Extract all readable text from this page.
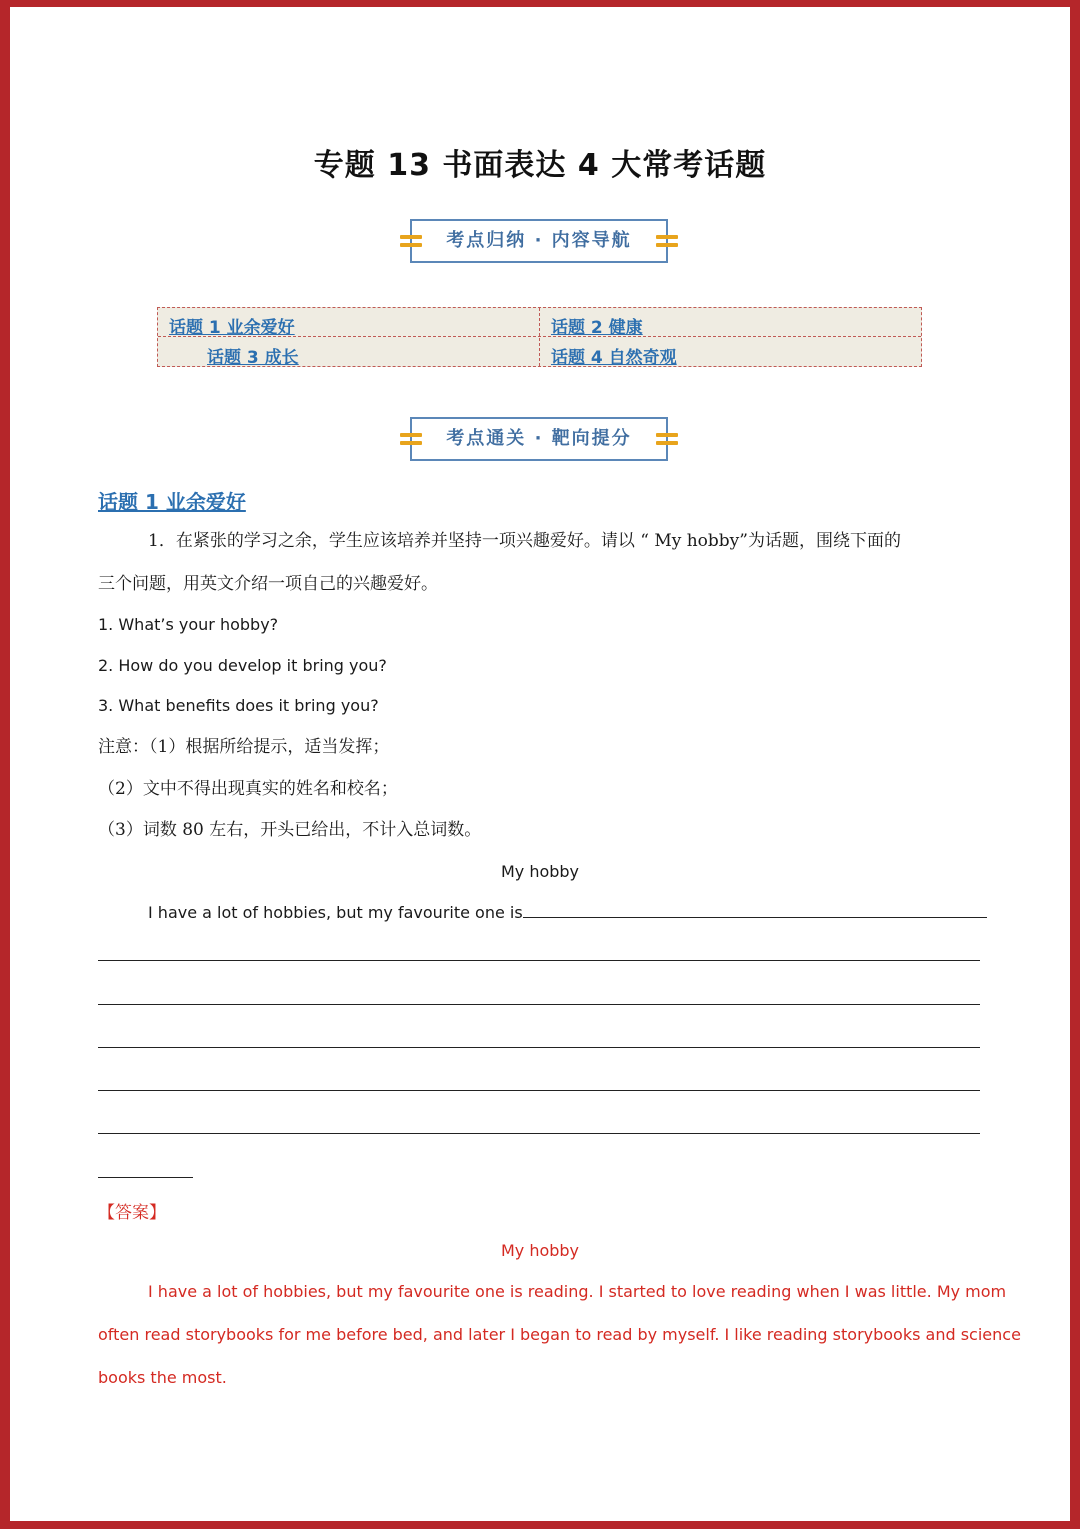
专题 13 书面表达 4 大常考话题
考点归纳 · 内容导航
话题 1 业余爱好	话题 2 健康
话题 3 成长	话题 4 自然奇观
考点通关 · 靶向提分
话题 1 业余爱好
1．在紧张的学习之余，学生应该培养并坚持一项兴趣爱好。请以 “ My hobby”为话题，围绕下面的
三个问题，用英文介绍一项自己的兴趣爱好。
1. What’s your hobby?
2. How do you develop it bring you?
3. What benefits does it bring you?
注意：（1）根据所给提示，适当发挥；
（2）文中不得出现真实的姓名和校名；
（3）词数 80 左右，开头已给出，不计入总词数。
My hobby
I have a lot of hobbies, but my favourite one is
【答案】
My hobby
I have a lot of hobbies, but my favourite one is reading. I started to love reading when I was little. My mom
often read storybooks for me before bed, and later I began to read by myself. I like reading storybooks and science
books the most.
